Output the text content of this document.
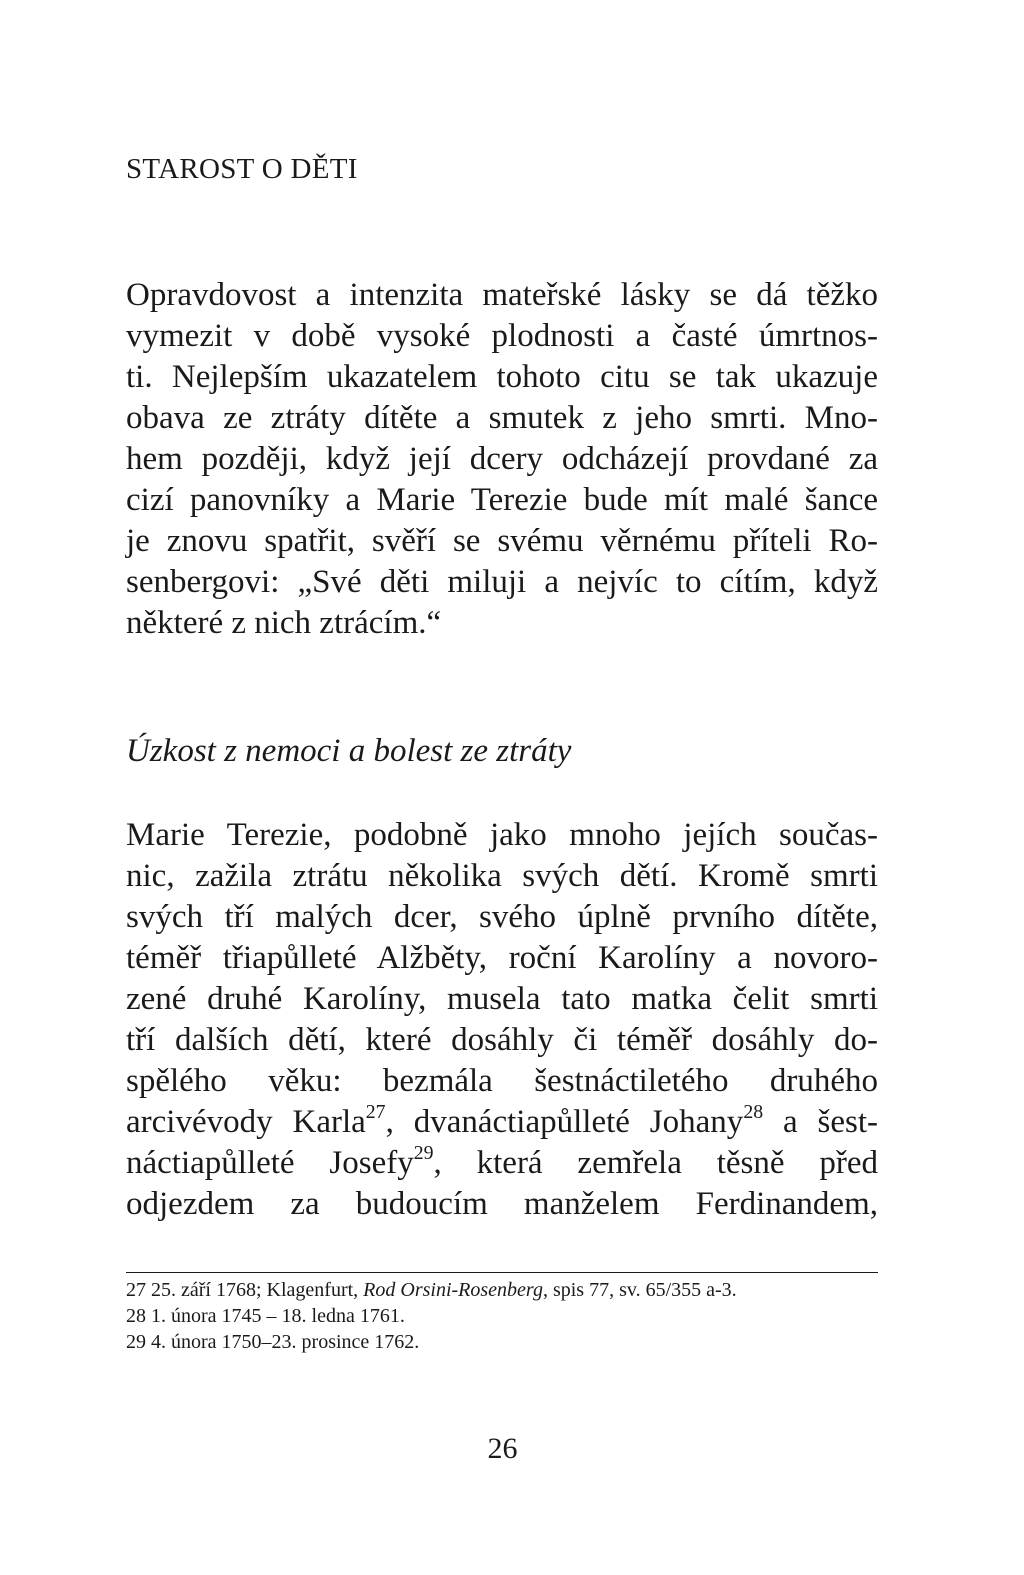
STAROST O DĚTI
Opravdovost a intenzita mateřské lásky se dá těžko
vymezit v době vysoké plodnosti a časté úmrtnos-
ti. Nejlepším ukazatelem tohoto citu se tak ukazuje
obava ze ztráty dítěte a smutek z jeho smrti. Mno-
hem později, když její dcery odcházejí provdané za
cizí panovníky a Marie Terezie bude mít malé šance
je znovu spatřit, svěří se svému věrnému příteli Ro-
senbergovi: „Své děti miluji a nejvíc to cítím, když
některé z nich ztrácím.“
Úzkost z nemoci a bolest ze ztráty
Marie Terezie, podobně jako mnoho jejích součas-
nic, zažila ztrátu několika svých dětí. Kromě smrti
svých tří malých dcer, svého úplně prvního dítěte,
téměř třiapůlleté Alžběty, roční Karolíny a novoro-
zené druhé Karolíny, musela tato matka čelit smrti
tří dalších dětí, které dosáhly či téměř dosáhly do-
spělého věku: bezmála šestnáctiletého druhého
arcivévody Karla$^{27}$, dvanáctiapůlleté Johany$^{28}$ a šest-
náctiapůlleté Josefy$^{29}$, která zemřela těsně před
odjezdem za budoucím manželem Ferdinandem,
27 25. září 1768; Klagenfurt, Rod Orsini-Rosenberg, spis 77, sv. 65/355 a-3.
28 1. února 1745 – 18. ledna 1761.
29 4. února 1750–23. prosince 1762.
26
